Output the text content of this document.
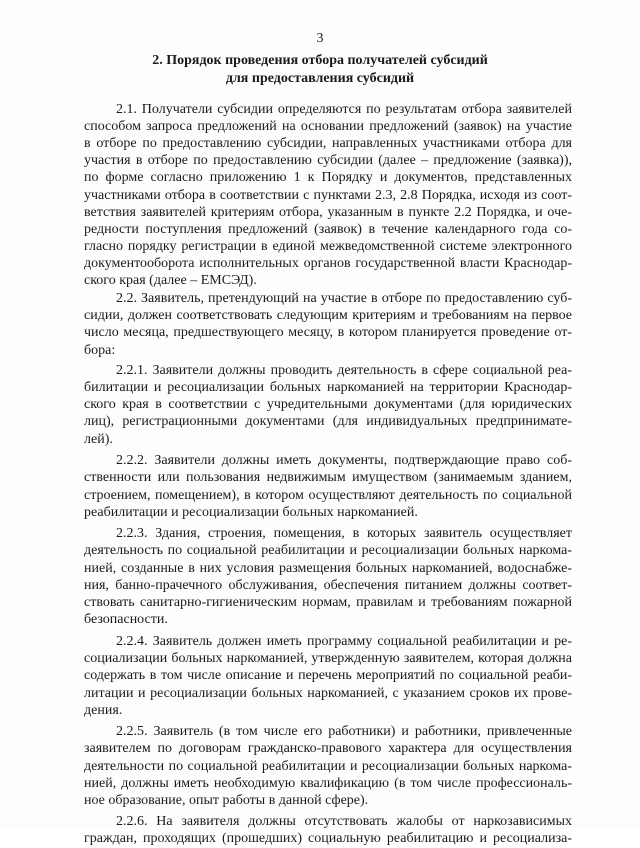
3
2. Порядок проведения отбора получателей субсидий
для предоставления субсидий
2.1. Получатели субсидии определяются по результатам отбора заявителей
способом запроса предложений на основании предложений (заявок) на участие
в отборе по предоставлению субсидии, направленных участниками отбора для
участия в отборе по предоставлению субсидии (далее – предложение (заявка)),
по форме согласно приложению 1 к Порядку и документов, представленных
участниками отбора в соответствии с пунктами 2.3, 2.8 Порядка, исходя из соот-
ветствия заявителей критериям отбора, указанным в пункте 2.2 Порядка, и оче-
редности поступления предложений (заявок) в течение календарного года со-
гласно порядку регистрации в единой межведомственной системе электронного
документооборота исполнительных органов государственной власти Краснодар-
ского края (далее – ЕМСЭД).
2.2. Заявитель, претендующий на участие в отборе по предоставлению суб-
сидии, должен соответствовать следующим критериям и требованиям на первое
число месяца, предшествующего месяцу, в котором планируется проведение от-
бора:
2.2.1. Заявители должны проводить деятельность в сфере социальной реа-
билитации и ресоциализации больных наркоманией на территории Краснодар-
ского края в соответствии с учредительными документами (для юридических
лиц), регистрационными документами (для индивидуальных предпринимате-
лей).
2.2.2. Заявители должны иметь документы, подтверждающие право соб-
ственности или пользования недвижимым имуществом (занимаемым зданием,
строением, помещением), в котором осуществляют деятельность по социальной
реабилитации и ресоциализации больных наркоманией.
2.2.3. Здания, строения, помещения, в которых заявитель осуществляет
деятельность по социальной реабилитации и ресоциализации больных наркома-
нией, созданные в них условия размещения больных наркоманией, водоснабже-
ния, банно-прачечного обслуживания, обеспечения питанием должны соответ-
ствовать санитарно-гигиеническим нормам, правилам и требованиям пожарной
безопасности.
2.2.4. Заявитель должен иметь программу социальной реабилитации и ре-
социализации больных наркоманией, утвержденную заявителем, которая должна
содержать в том числе описание и перечень мероприятий по социальной реаби-
литации и ресоциализации больных наркоманией, с указанием сроков их прове-
дения.
2.2.5. Заявитель (в том числе его работники) и работники, привлеченные
заявителем по договорам гражданско-правового характера для осуществления
деятельности по социальной реабилитации и ресоциализации больных наркома-
нией, должны иметь необходимую квалификацию (в том числе профессиональ-
ное образование, опыт работы в данной сфере).
2.2.6. На заявителя должны отсутствовать жалобы от наркозависимых
граждан, проходящих (прошедших) социальную реабилитацию и ресоциализа-
